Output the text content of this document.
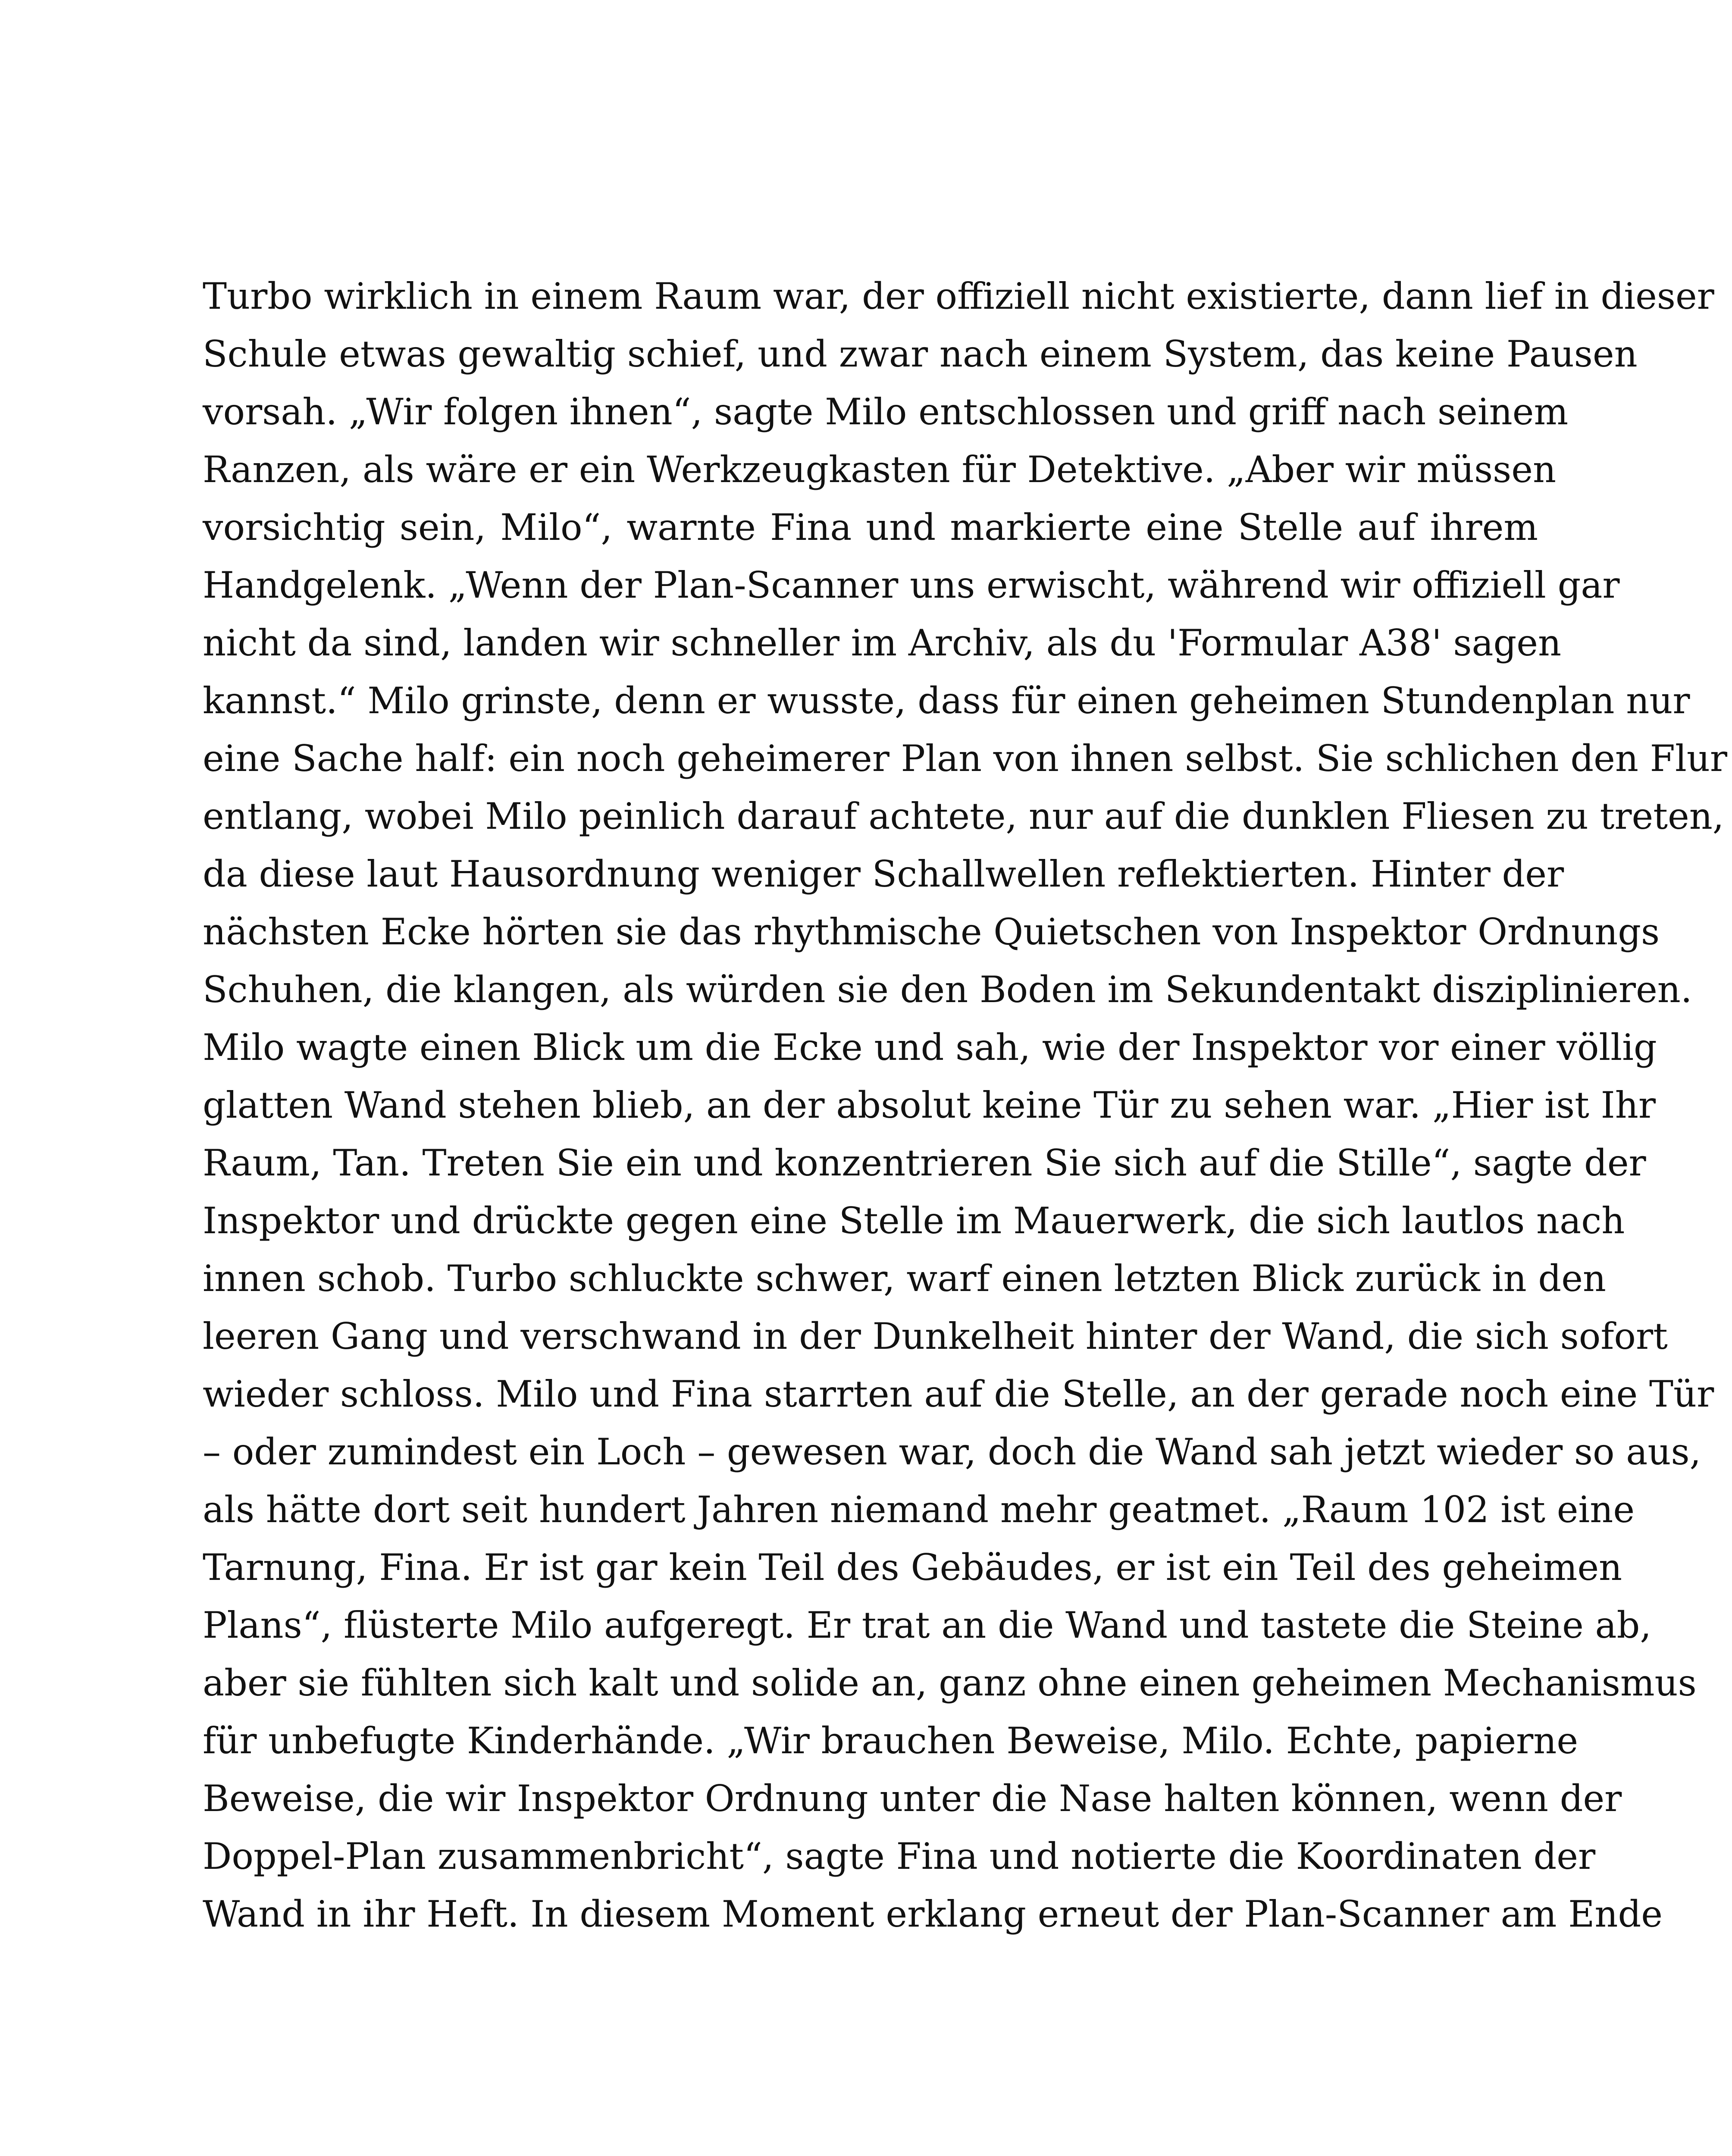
Turbo wirklich in einem Raum war, der offiziell nicht existierte, dann lief in dieser
Schule etwas gewaltig schief, und zwar nach einem System, das keine Pausen
vorsah. „Wir folgen ihnen“, sagte Milo entschlossen und griff nach seinem
Ranzen, als wäre er ein Werkzeugkasten für Detektive. „Aber wir müssen
vorsichtig sein, Milo“, warnte Fina und markierte eine Stelle auf ihrem
Handgelenk. „Wenn der Plan-Scanner uns erwischt, während wir offiziell gar
nicht da sind, landen wir schneller im Archiv, als du 'Formular A38' sagen
kannst.“ Milo grinste, denn er wusste, dass für einen geheimen Stundenplan nur
eine Sache half: ein noch geheimerer Plan von ihnen selbst. Sie schlichen den Flur
entlang, wobei Milo peinlich darauf achtete, nur auf die dunklen Fliesen zu treten,
da diese laut Hausordnung weniger Schallwellen reflektierten. Hinter der
nächsten Ecke hörten sie das rhythmische Quietschen von Inspektor Ordnungs
Schuhen, die klangen, als würden sie den Boden im Sekundentakt disziplinieren.
Milo wagte einen Blick um die Ecke und sah, wie der Inspektor vor einer völlig
glatten Wand stehen blieb, an der absolut keine Tür zu sehen war. „Hier ist Ihr
Raum, Tan. Treten Sie ein und konzentrieren Sie sich auf die Stille“, sagte der
Inspektor und drückte gegen eine Stelle im Mauerwerk, die sich lautlos nach
innen schob. Turbo schluckte schwer, warf einen letzten Blick zurück in den
leeren Gang und verschwand in der Dunkelheit hinter der Wand, die sich sofort
wieder schloss. Milo und Fina starrten auf die Stelle, an der gerade noch eine Tür
– oder zumindest ein Loch – gewesen war, doch die Wand sah jetzt wieder so aus,
als hätte dort seit hundert Jahren niemand mehr geatmet. „Raum 102 ist eine
Tarnung, Fina. Er ist gar kein Teil des Gebäudes, er ist ein Teil des geheimen
Plans“, flüsterte Milo aufgeregt. Er trat an die Wand und tastete die Steine ab,
aber sie fühlten sich kalt und solide an, ganz ohne einen geheimen Mechanismus
für unbefugte Kinderhände. „Wir brauchen Beweise, Milo. Echte, papierne
Beweise, die wir Inspektor Ordnung unter die Nase halten können, wenn der
Doppel-Plan zusammenbricht“, sagte Fina und notierte die Koordinaten der
Wand in ihr Heft. In diesem Moment erklang erneut der Plan-Scanner am Ende
